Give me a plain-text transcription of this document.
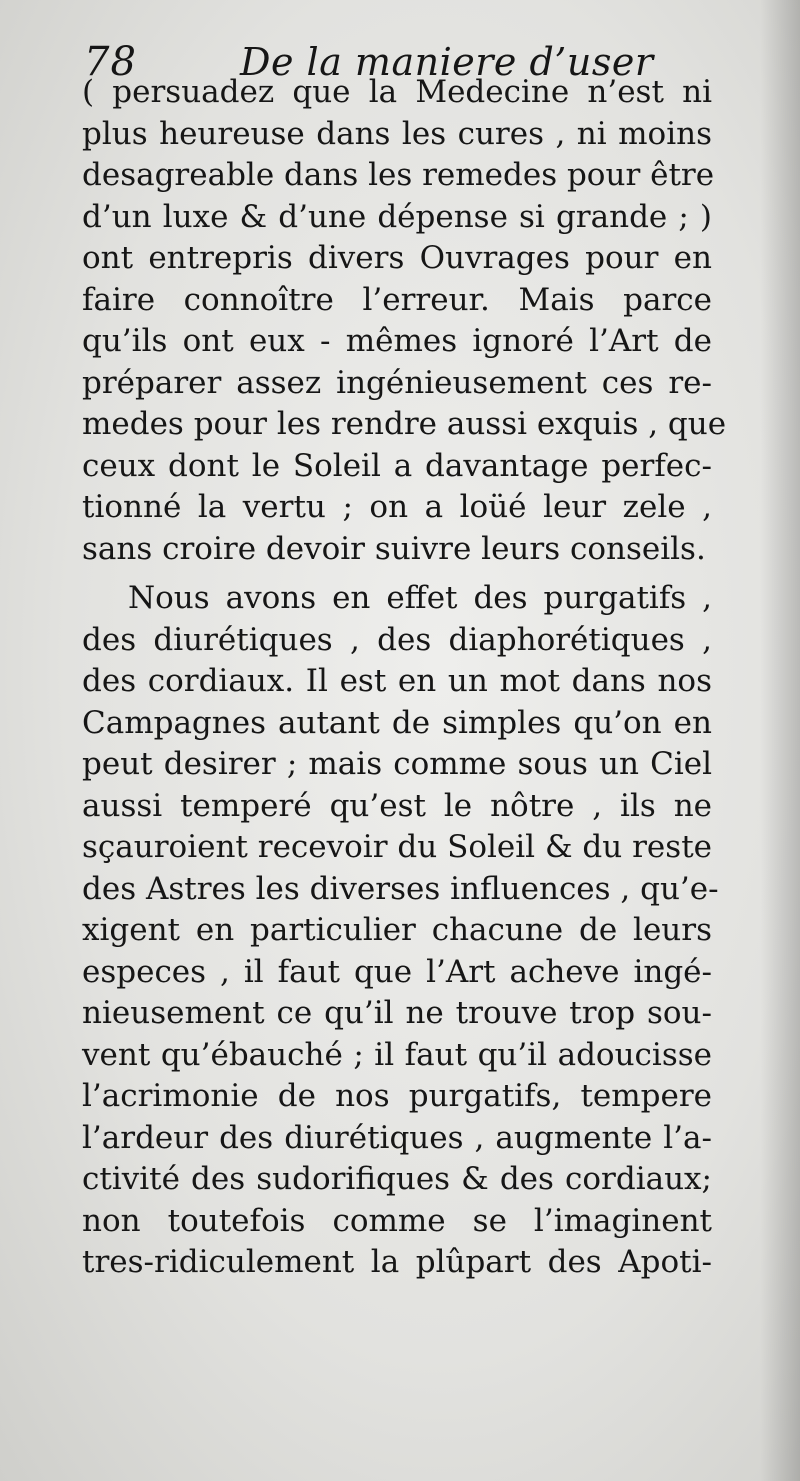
78	De la maniere d’user
( persuadez que la Medecine n’est ni
plus heureuse dans les cures , ni moins
desagreable dans les remedes pour être
d’un luxe & d’une dépense si grande ; )
ont entrepris divers Ouvrages pour en
faire connoître l’erreur. Mais parce
qu’ils ont eux - mêmes ignoré l’Art de
préparer assez ingénieusement ces re-
medes pour les rendre aussi exquis , que
ceux dont le Soleil a davantage perfec-
tionné la vertu ; on a loüé leur zele ,
sans croire devoir suivre leurs conseils.
Nous avons en effet des purgatifs ,
des diurétiques , des diaphorétiques ,
des cordiaux. Il est en un mot dans nos
Campagnes autant de simples qu’on en
peut desirer ; mais comme sous un Ciel
aussi temperé qu’est le nôtre , ils ne
sçauroient recevoir du Soleil & du reste
des Astres les diverses influences , qu’e-
xigent en particulier chacune de leurs
especes , il faut que l’Art acheve ingé-
nieusement ce qu’il ne trouve trop sou-
vent qu’ébauché ; il faut qu’il adoucisse
l’acrimonie de nos purgatifs, tempere
l’ardeur des diurétiques , augmente l’a-
ctivité des sudorifiques & des cordiaux;
non toutefois comme se l’imaginent
tres-ridiculement la plûpart des Apoti-
